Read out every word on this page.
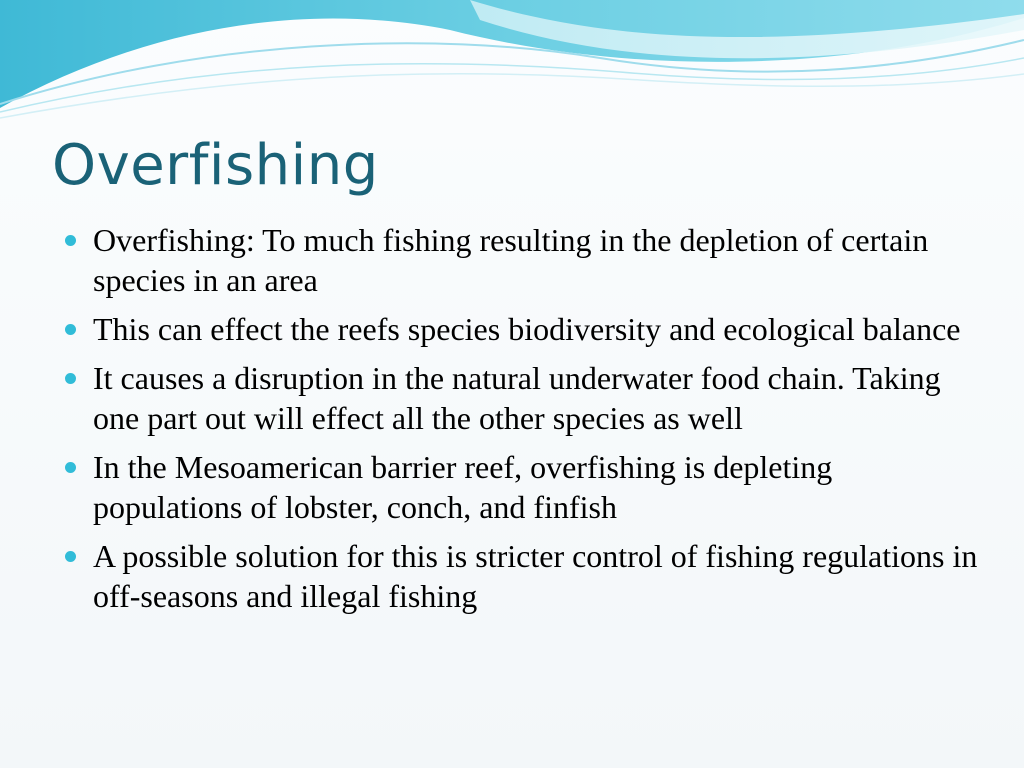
Overfishing
Overfishing: To much fishing resulting in the depletion of certain species in an area
This can effect the reefs species biodiversity and ecological balance
It causes a disruption in the natural underwater food chain. Taking one part out will effect all the other species as well
In the Mesoamerican barrier reef, overfishing is depleting populations of lobster, conch, and finfish
A possible solution for this is stricter control of fishing regulations in off-seasons and illegal fishing
